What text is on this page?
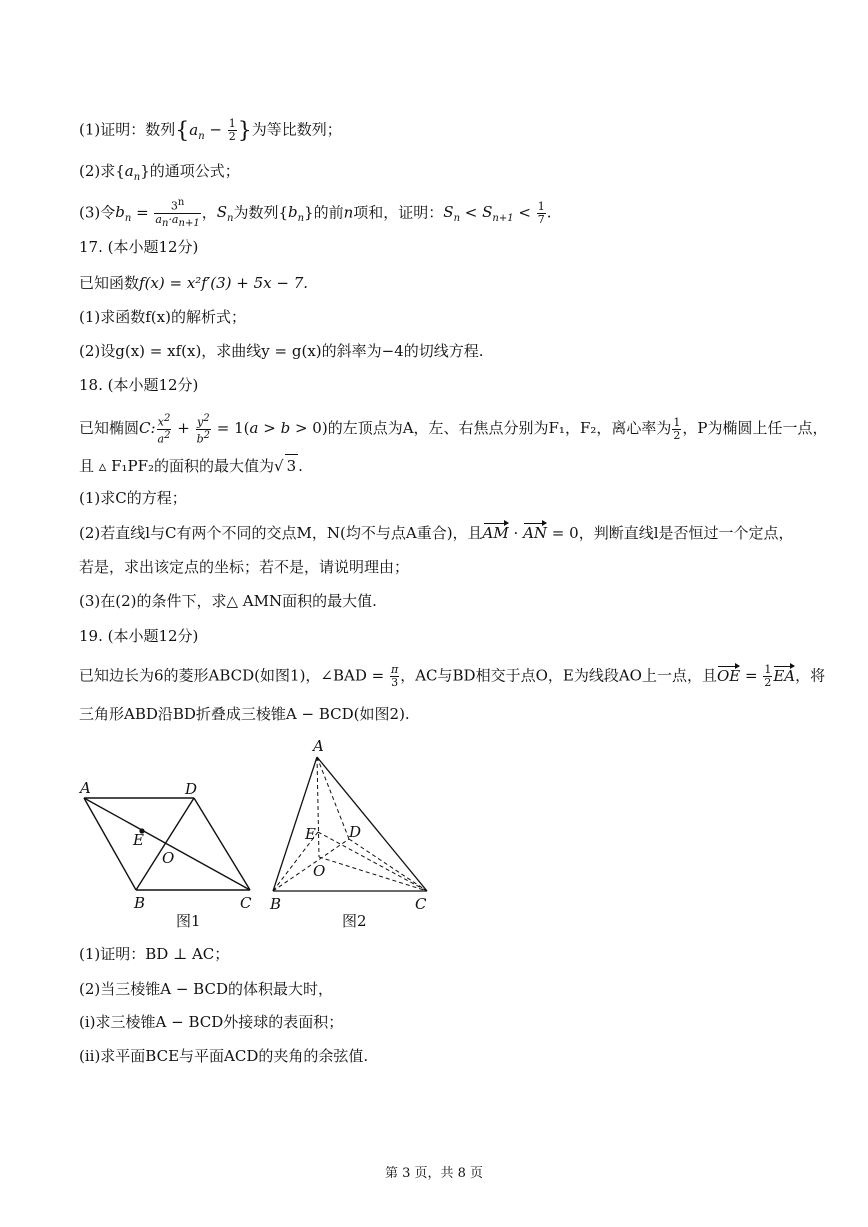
(1)证明：数列{$a_n - \frac{1}{2}$ }为等比数列；
(2)求$\{a_n\}$的通项公式；
(3)令$b_n = \frac{3^n}{a_n\cdot a_{n+1}}$ ，$S_n$为数列$\{b_n\}$的前n项和，证明：$S_n < S_{n+1} < \frac{1}{7}$ .
17. (本小题12分)
已知函数f(x) = x²f′(3) + 5x − 7.
(1)求函数f(x)的解析式；
(2)设g(x) = xf(x)，求曲线y = g(x)的斜率为−4的切线方程.
18. (本小题12分)
已知椭圆C: $\frac{x^2}{a^2} + \frac{y^2}{b^2} = 1(a > b > 0)$的左顶点为A，左、右焦点分别为F₁，F₂，离心率为 $\frac{1}{2}$ ，P为椭圆上任一点，
且 ▵ F₁PF₂的面积的最大值为√ 3 .
(1)求C的方程；
(2)若直线l与C有两个不同的交点M，N(均不与点A重合)，且AM · AN = 0，判断直线l是否恒过一个定点，
若是，求出该定点的坐标；若不是，请说明理由；
(3)在(2)的条件下，求△ AMN面积的最大值.
19. (本小题12分)
已知边长为6的菱形ABCD(如图1)，∠BAD = $\frac{\pi}{3}$ ，AC与BD相交于点O，E为线段AO上一点，且OE = $\frac{1}{2}$ EA，将
三角形ABD沿BD折叠成三棱锥A − BCD(如图2).
A	D
E
O
B	C
图1
A
E D
O
B	C
图2
(1)证明：BD ⊥ AC；
(2)当三棱锥A − BCD的体积最大时，
(i)求三棱锥A − BCD外接球的表面积；
(ii)求平面BCE与平面ACD的夹角的余弦值.
第 3 页，共 8 页
